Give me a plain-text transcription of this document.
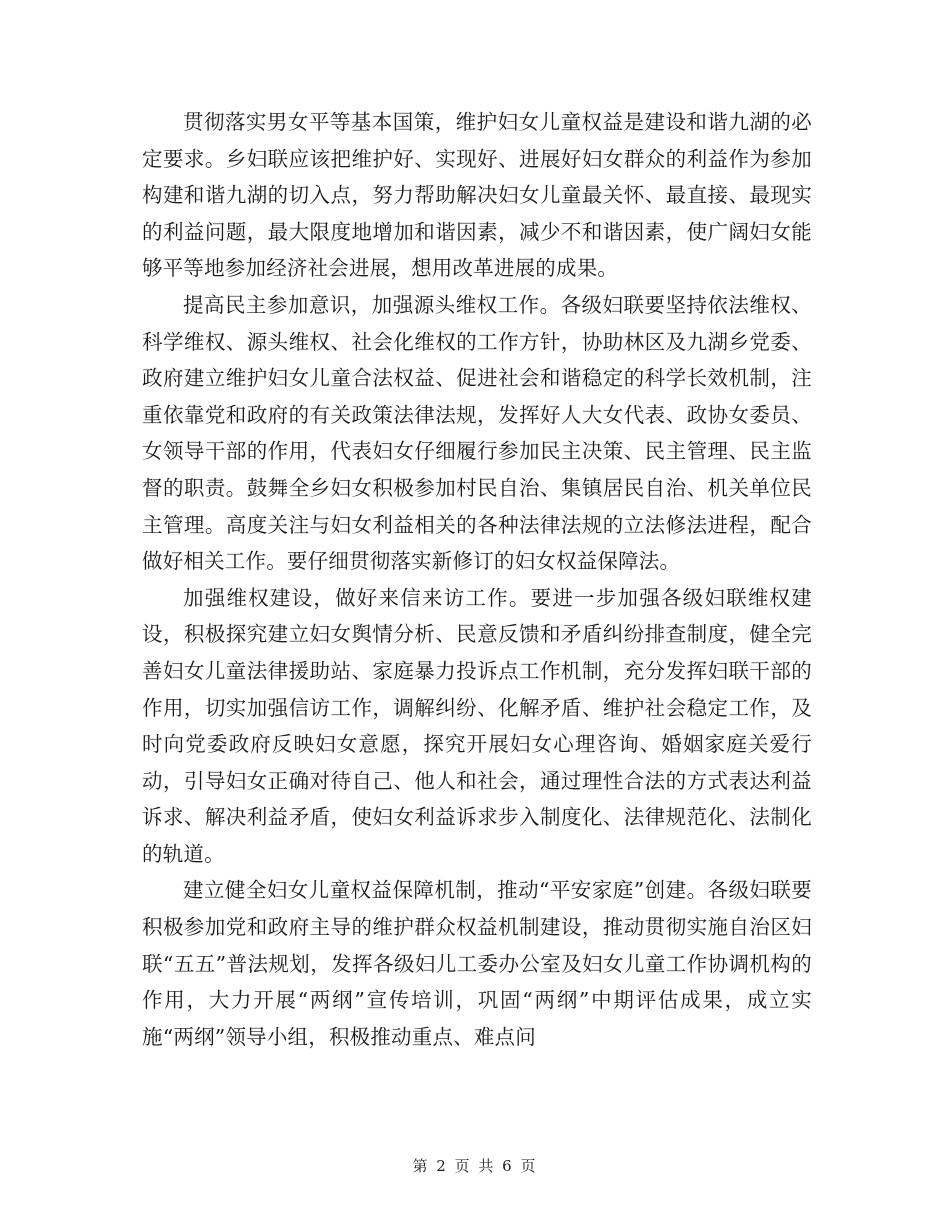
贯彻落实男女平等基本国策，维护妇女儿童权益是建设和谐九湖的必定要求。乡妇联应该把维护好、实现好、进展好妇女群众的利益作为参加构建和谐九湖的切入点，努力帮助解决妇女儿童最关怀、最直接、最现实的利益问题，最大限度地增加和谐因素，减少不和谐因素，使广阔妇女能够平等地参加经济社会进展，想用改革进展的成果。

提高民主参加意识，加强源头维权工作。各级妇联要坚持依法维权、科学维权、源头维权、社会化维权的工作方针，协助林区及九湖乡党委、政府建立维护妇女儿童合法权益、促进社会和谐稳定的科学长效机制，注重依靠党和政府的有关政策法律法规，发挥好人大女代表、政协女委员、女领导干部的作用，代表妇女仔细履行参加民主决策、民主管理、民主监督的职责。鼓舞全乡妇女积极参加村民自治、集镇居民自治、机关单位民主管理。高度关注与妇女利益相关的各种法律法规的立法修法进程，配合做好相关工作。要仔细贯彻落实新修订的妇女权益保障法。

加强维权建设，做好来信来访工作。要进一步加强各级妇联维权建设，积极探究建立妇女舆情分析、民意反馈和矛盾纠纷排查制度，健全完善妇女儿童法律援助站、家庭暴力投诉点工作机制，充分发挥妇联干部的作用，切实加强信访工作，调解纠纷、化解矛盾、维护社会稳定工作，及时向党委政府反映妇女意愿，探究开展妇女心理咨询、婚姻家庭关爱行动，引导妇女正确对待自己、他人和社会，通过理性合法的方式表达利益诉求、解决利益矛盾，使妇女利益诉求步入制度化、法律规范化、法制化的轨道。

建立健全妇女儿童权益保障机制，推动“平安家庭”创建。各级妇联要积极参加党和政府主导的维护群众权益机制建设，推动贯彻实施自治区妇联“五五”普法规划，发挥各级妇儿工委办公室及妇女儿童工作协调机构的作用，大力开展“两纲”宣传培训，巩固“两纲”中期评估成果，成立实施“两纲”领导小组，积极推动重点、难点问

第 2 页 共 6 页
